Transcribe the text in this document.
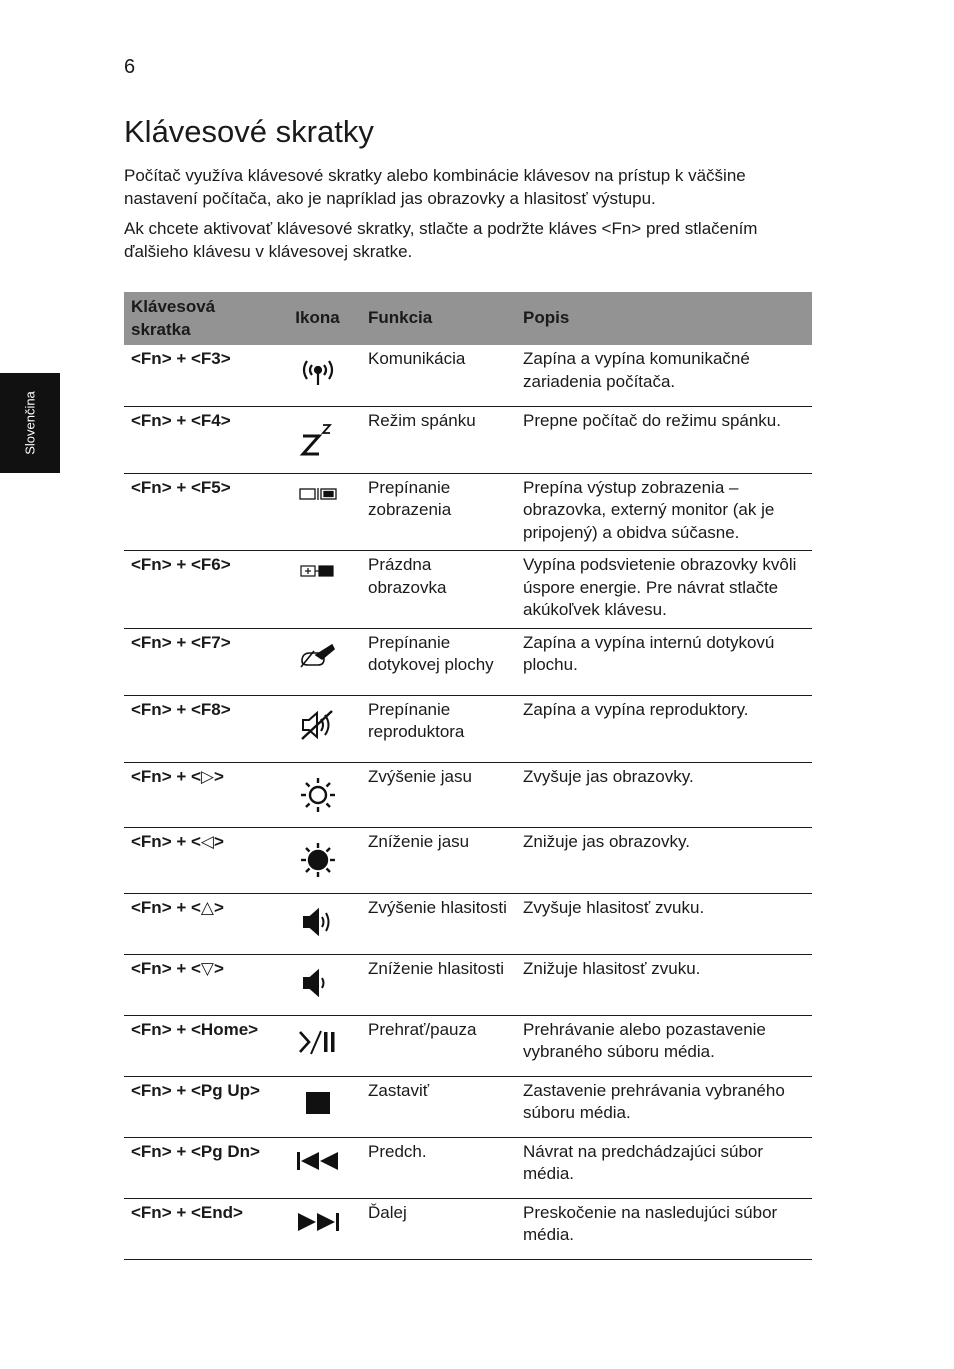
6
Klávesové skratky

Počítač využíva klávesové skratky alebo kombinácie klávesov na prístup k väčšine nastavení počítača, ako je napríklad jas obrazovky a hlasitosť výstupu.

Ak chcete aktivovať klávesové skratky, stlačte a podržte kláves <Fn> pred stlačením ďalšieho klávesu v klávesovej skratke.

Slovenčina
Klávesová skratka	Ikona	Funkcia	Popis
<Fn> + <F3>		Komunikácia	Zapína a vypína komunikačné zariadenia počítača.
<Fn> + <F4>		Režim spánku	Prepne počítač do režimu spánku.
<Fn> + <F5>		Prepínanie zobrazenia	Prepína výstup zobrazenia – obrazovka, externý monitor (ak je pripojený) a obidva súčasne.
<Fn> + <F6>		Prázdna obrazovka	Vypína podsvietenie obrazovky kvôli úspore energie. Pre návrat stlačte akúkoľvek klávesu.
<Fn> + <F7>		Prepínanie dotykovej plochy	Zapína a vypína internú dotykovú plochu.
<Fn> + <F8>		Prepínanie reproduktora	Zapína a vypína reproduktory.
<Fn> + <▷>		Zvýšenie jasu	Zvyšuje jas obrazovky.
<Fn> + <◁>		Zníženie jasu	Znižuje jas obrazovky.
<Fn> + <△>		Zvýšenie hlasitosti	Zvyšuje hlasitosť zvuku.
<Fn> + <▽>		Zníženie hlasitosti	Znižuje hlasitosť zvuku.
<Fn> + <Home>		Prehrať/pauza	Prehrávanie alebo pozastavenie vybraného súboru média.
<Fn> + <Pg Up>		Zastaviť	Zastavenie prehrávania vybraného súboru média.
<Fn> + <Pg Dn>		Predch.	Návrat na predchádzajúci súbor média.
<Fn> + <End>		Ďalej	Preskočenie na nasledujúci súbor média.
